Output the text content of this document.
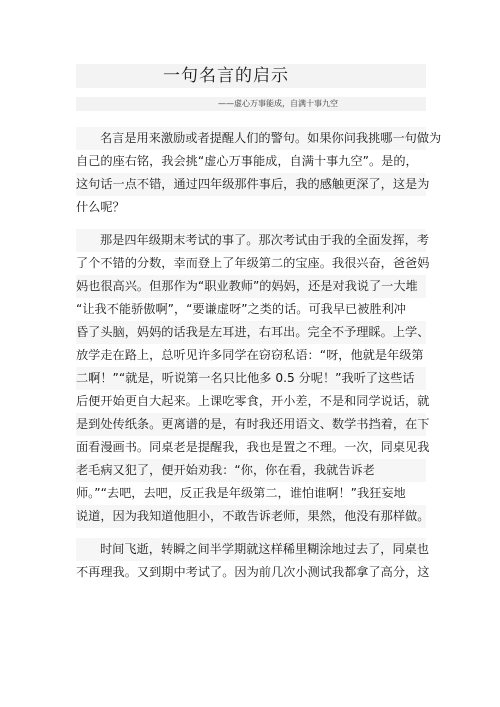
一句名言的启示
——虚心万事能成，自满十事九空
名言是用来激励或者提醒人们的警句。如果你问我挑哪一句做为
自己的座右铭，我会挑“虚心万事能成，自满十事九空”。是的，
这句话一点不错，通过四年级那件事后，我的感触更深了，这是为
什么呢？
那是四年级期末考试的事了。那次考试由于我的全面发挥，考
了个不错的分数，幸而登上了年级第二的宝座。我很兴奋，爸爸妈
妈也很高兴。但那作为“职业教师”的妈妈，还是对我说了一大堆
“让我不能骄傲啊”，“要谦虚呀”之类的话。可我早已被胜利冲
昏了头脑，妈妈的话我是左耳进，右耳出。完全不予理睬。上学、
放学走在路上，总听见许多同学在窃窃私语：“呀，他就是年级第
二啊！”“就是，听说第一名只比他多 0.5 分呢！”我听了这些话
后便开始更自大起来。上课吃零食，开小差，不是和同学说话，就
是到处传纸条。更离谱的是，有时我还用语文、数学书挡着，在下
面看漫画书。同桌老是提醒我，我也是置之不理。一次，同桌见我
老毛病又犯了，便开始劝我：“你，你在看，我就告诉老
师。”“去吧，去吧，反正我是年级第二，谁怕谁啊！”我狂妄地
说道，因为我知道他胆小，不敢告诉老师，果然，他没有那样做。
时间飞逝，转瞬之间半学期就这样稀里糊涂地过去了，同桌也
不再理我。又到期中考试了。因为前几次小测试我都拿了高分，这
